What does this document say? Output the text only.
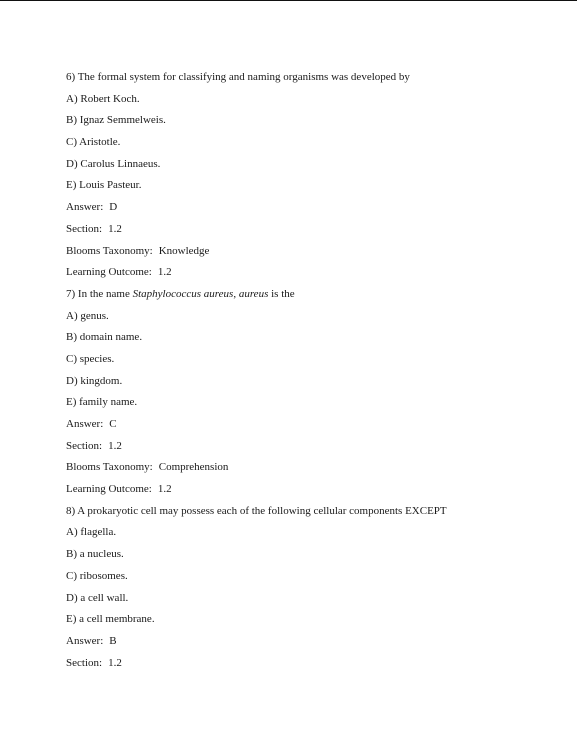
6) The formal system for classifying and naming organisms was developed by
A) Robert Koch.
B) Ignaz Semmelweis.
C) Aristotle.
D) Carolus Linnaeus.
E) Louis Pasteur.
Answer: D
Section: 1.2
Blooms Taxonomy: Knowledge
Learning Outcome: 1.2
7) In the name Staphylococcus aureus, aureus is the
A) genus.
B) domain name.
C) species.
D) kingdom.
E) family name.
Answer: C
Section: 1.2
Blooms Taxonomy: Comprehension
Learning Outcome: 1.2
8) A prokaryotic cell may possess each of the following cellular components EXCEPT
A) flagella.
B) a nucleus.
C) ribosomes.
D) a cell wall.
E) a cell membrane.
Answer: B
Section: 1.2
